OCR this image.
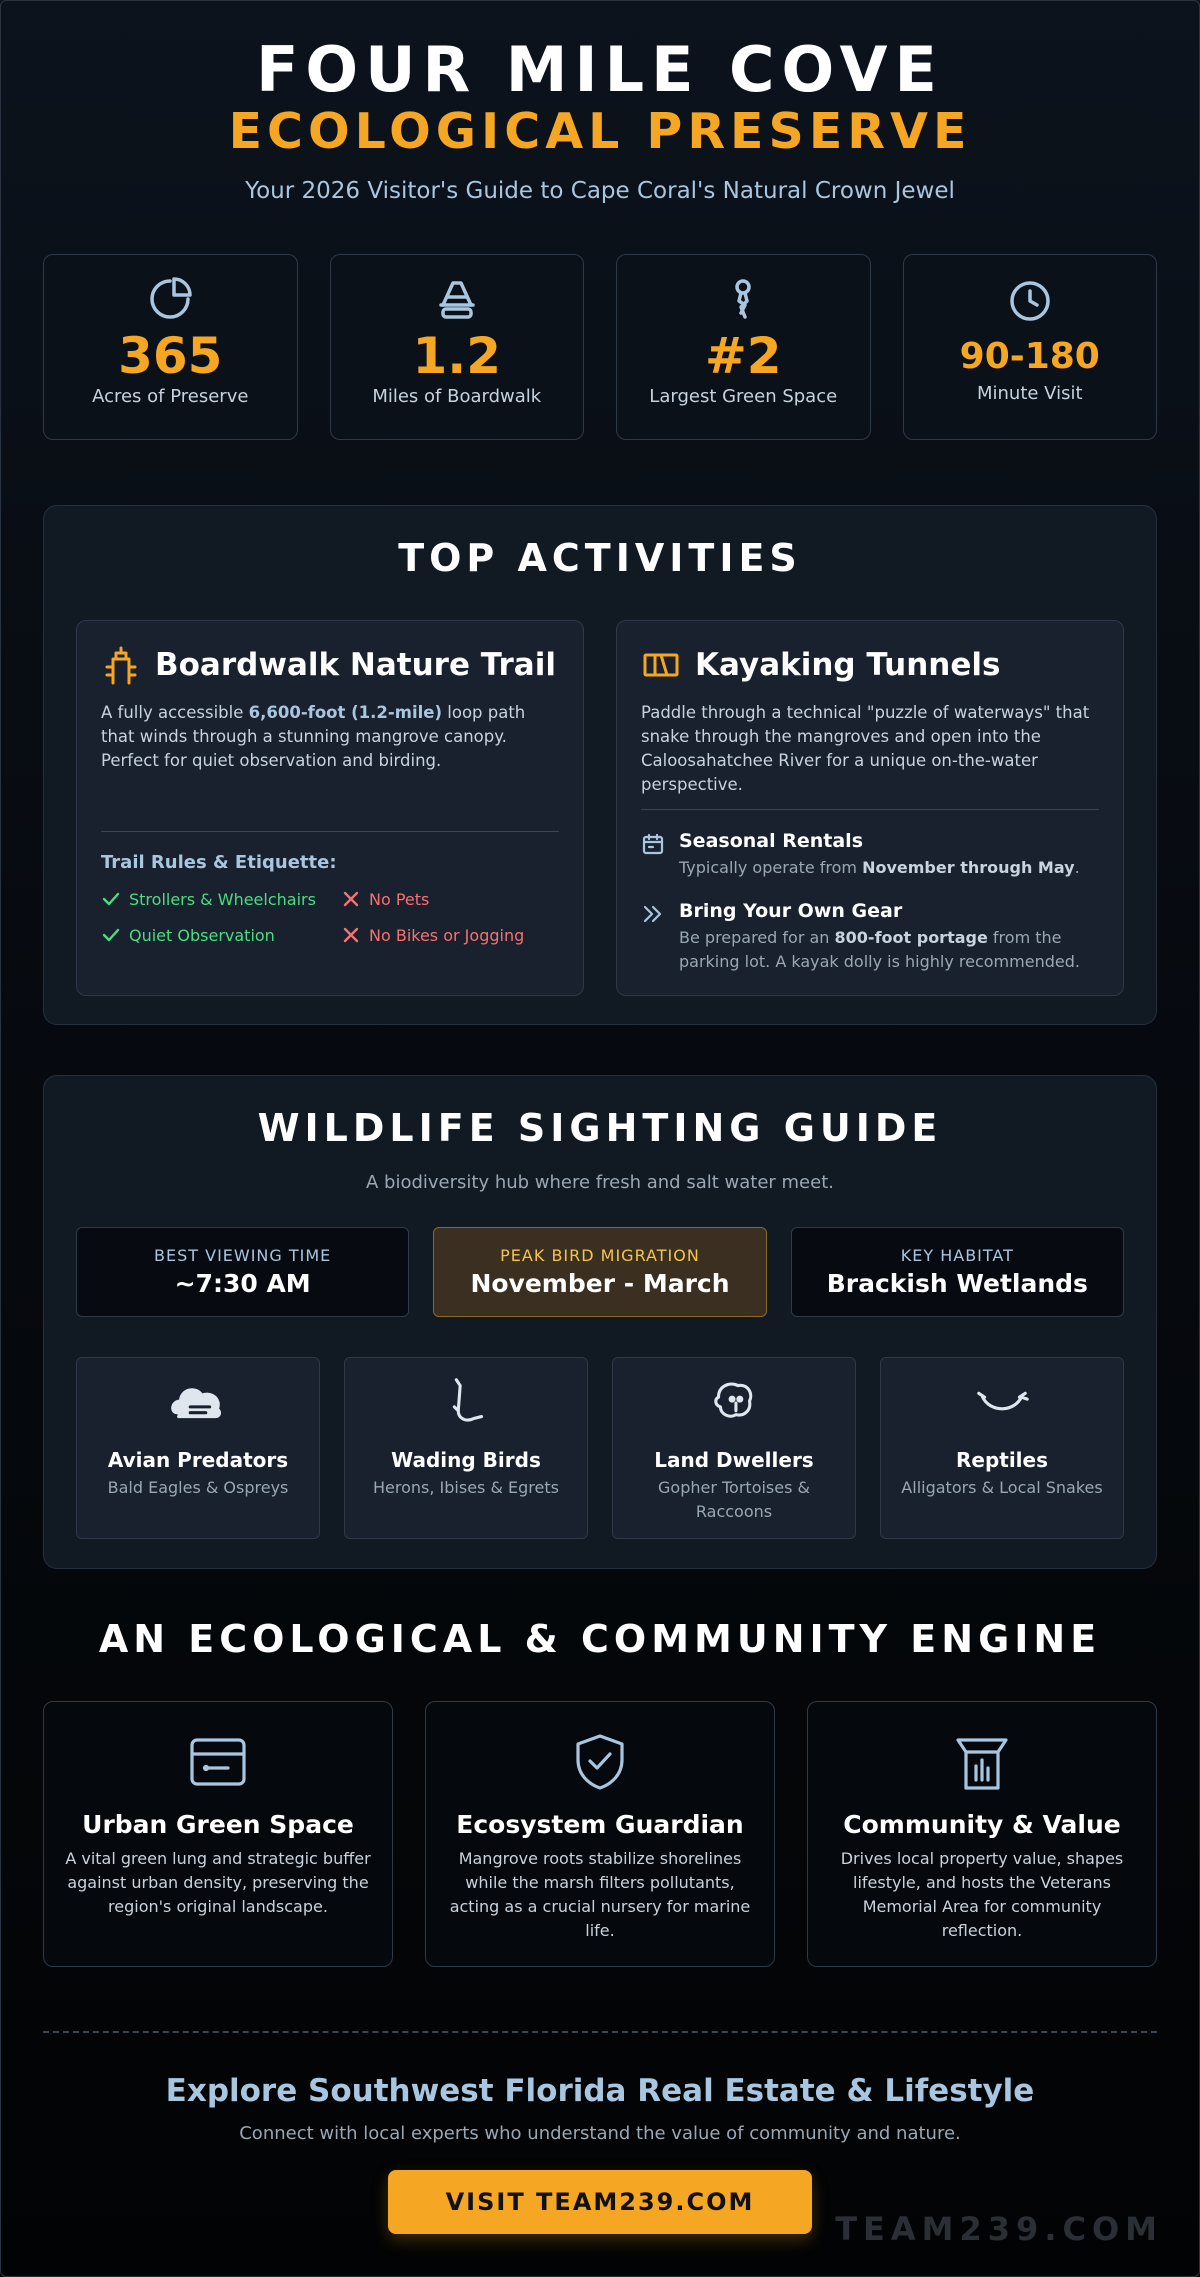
FOUR MILE COVE
ECOLOGICAL PRESERVE

Your 2026 Visitor's Guide to Cape Coral's Natural Crown Jewel

365
Acres of Preserve
1.2
Miles of Boardwalk
#2
Largest Green Space
90-180
Minute Visit
TOP ACTIVITIES
Boardwalk Nature Trail

A fully accessible 6,600-foot (1.2-mile) loop path that winds through a stunning mangrove canopy. Perfect for quiet observation and birding.

Trail Rules & Etiquette:
Strollers & Wheelchairs	No Pets
Quiet Observation	No Bikes or Jogging
Kayaking Tunnels

Paddle through a technical "puzzle of waterways" that snake through the mangroves and open into the Caloosahatchee River for a unique on-the-water perspective.

Seasonal Rentals
Typically operate from November through May.
Bring Your Own Gear
Be prepared for an 800-foot portage from the parking lot. A kayak dolly is highly recommended.
WILDLIFE SIGHTING GUIDE
A biodiversity hub where fresh and salt water meet.
BEST VIEWING TIME
~7:30 AM
PEAK BIRD MIGRATION
November - March
KEY HABITAT
Brackish Wetlands
Avian Predators
Bald Eagles & Ospreys
Wading Birds
Herons, Ibises & Egrets
Land Dwellers
Gopher Tortoises & Raccoons
Reptiles
Alligators & Local Snakes
AN ECOLOGICAL & COMMUNITY ENGINE
Urban Green Space
A vital green lung and strategic buffer against urban density, preserving the region's original landscape.
Ecosystem Guardian
Mangrove roots stabilize shorelines while the marsh filters pollutants, acting as a crucial nursery for marine life.
Community & Value
Drives local property value, shapes lifestyle, and hosts the Veterans Memorial Area for community reflection.
Explore Southwest Florida Real Estate & Lifestyle

Connect with local experts who understand the value of community and nature.

VISIT TEAM239.COM
TEAM239.COM
